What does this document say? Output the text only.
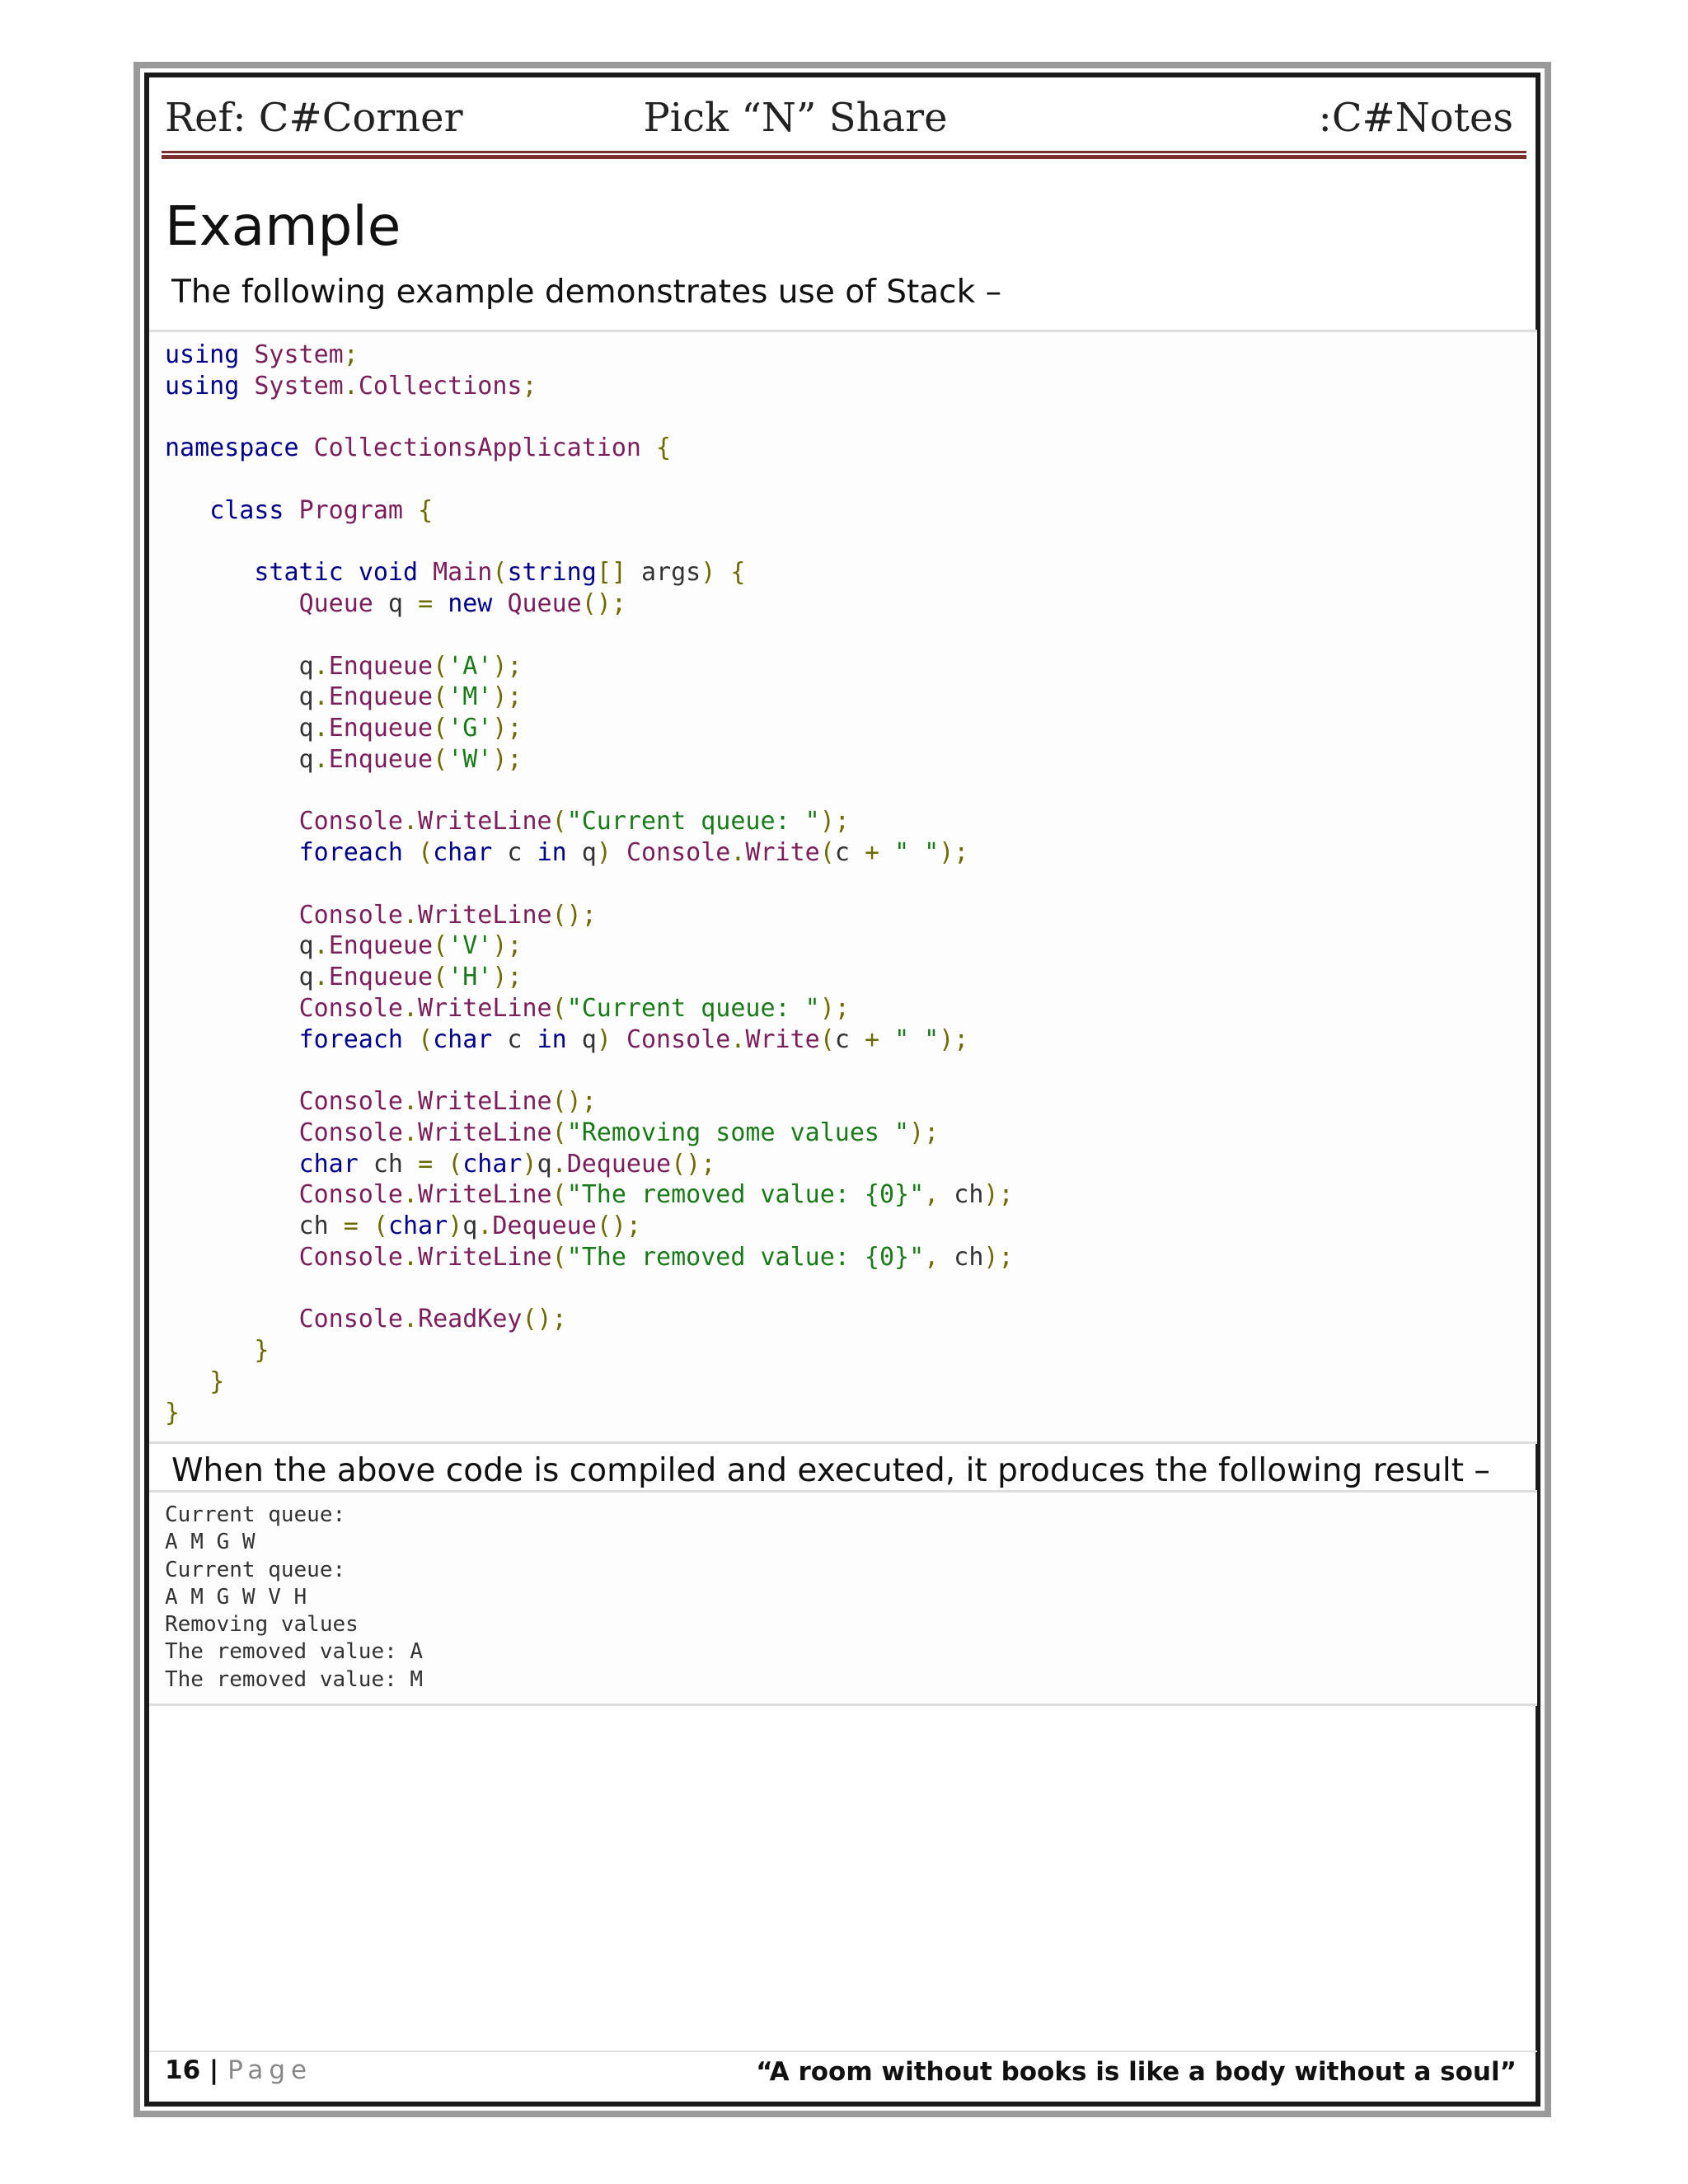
Ref: C#Corner	Pick “N” Share	:C#Notes
Example
The following example demonstrates use of Stack –
using System;
using System.Collections;

namespace CollectionsApplication {

class Program {

static void Main(string[] args) {
Queue q = new Queue();

q.Enqueue('A');
q.Enqueue('M');
q.Enqueue('G');
q.Enqueue('W');

Console.WriteLine("Current queue: ");
foreach (char c in q) Console.Write(c + " ");

Console.WriteLine();
q.Enqueue('V');
q.Enqueue('H');
Console.WriteLine("Current queue: ");
foreach (char c in q) Console.Write(c + " ");

Console.WriteLine();
Console.WriteLine("Removing some values ");
char ch = (char)q.Dequeue();
Console.WriteLine("The removed value: {0}", ch);
ch = (char)q.Dequeue();
Console.WriteLine("The removed value: {0}", ch);

Console.ReadKey();
}
}
}
When the above code is compiled and executed, it produces the following result –
Current queue:
A M G W
Current queue:
A M G W V H
Removing values
The removed value: A
The removed value: M
16 | Page	“A room without books is like a body without a soul”
